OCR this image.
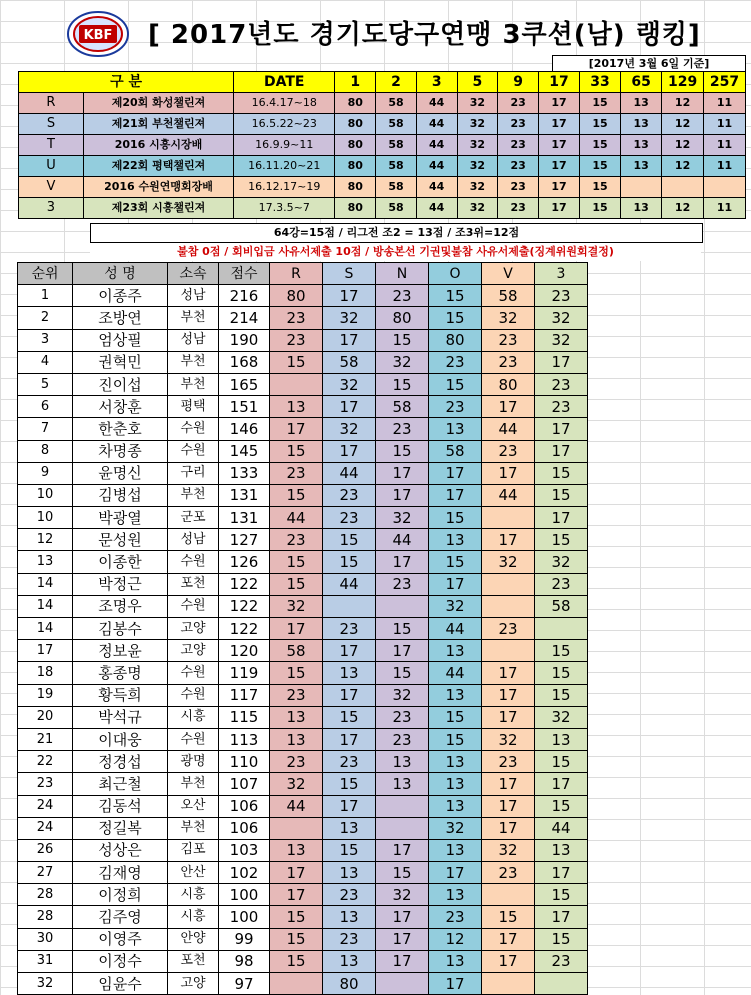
KBF [ 2017년도 경기도당구연맹 3쿠션(남) 랭킹]
[2017년 3월 6일 기준]
구 분		DATE	1	2	3	5	9	17	33	65	129	257
R	제20회 화성챌린져	16.4.17~18	80	58	44	32	23	17	15	13	12	11
S	제21회 부천챌린져	16.5.22~23	80	58	44	32	23	17	15	13	12	11
T	2016 시흥시장배	16.9.9~11	80	58	44	32	23	17	15	13	12	11
U	제22회 평택챌린져	16.11.20~21	80	58	44	32	23	17	15	13	12	11
V	2016 수원연맹회장배	16.12.17~19	80	58	44	32	23	17	15			
3	제23회 시흥챌린져	17.3.5~7	80	58	44	32	23	17	15	13	12	11
64강=15점 / 리그전 조2 = 13점 / 조3위=12점
불참 0점 / 회비입금 사유서제출 10점 / 방송본선 기권및불참 사유서제출(징계위원회결정)
순위	성 명	소속	점수	R	S	N	O	V	3
1	이종주	성남	216	80	17	23	15	58	23
2	조방연	부천	214	23	32	80	15	32	32
3	엄상필	성남	190	23	17	15	80	23	32
4	권혁민	부천	168	15	58	32	23	23	17
5	진이섭	부천	165		32	15	15	80	23
6	서창훈	평택	151	13	17	58	23	17	23
7	한춘호	수원	146	17	32	23	13	44	17
8	차명종	수원	145	15	17	15	58	23	17
9	윤명신	구리	133	23	44	17	17	17	15
10	김병섭	부천	131	15	23	17	17	44	15
10	박광열	군포	131	44	23	32	15		17
12	문성원	성남	127	23	15	44	13	17	15
13	이종한	수원	126	15	15	17	15	32	32
14	박정근	포천	122	15	44	23	17		23
14	조명우	수원	122	32			32		58
14	김봉수	고양	122	17	23	15	44	23	
17	정보윤	고양	120	58	17	17	13		15
18	홍종명	수원	119	15	13	15	44	17	15
19	황득희	수원	117	23	17	32	13	17	15
20	박석규	시흥	115	13	15	23	15	17	32
21	이대웅	수원	113	13	17	23	15	32	13
22	정경섭	광명	110	23	23	13	13	23	15
23	최근철	부천	107	32	15	13	13	17	17
24	김동석	오산	106	44	17		13	17	15
24	정길복	부천	106		13		32	17	44
26	성상은	김포	103	13	15	17	13	32	13
27	김재영	안산	102	17	13	15	17	23	17
28	이정희	시흥	100	17	23	32	13		15
28	김주영	시흥	100	15	13	17	23	15	17
30	이영주	안양	99	15	23	17	12	17	15
31	이정수	포천	98	15	13	17	13	17	23
32	임윤수	고양	97		80		17		
